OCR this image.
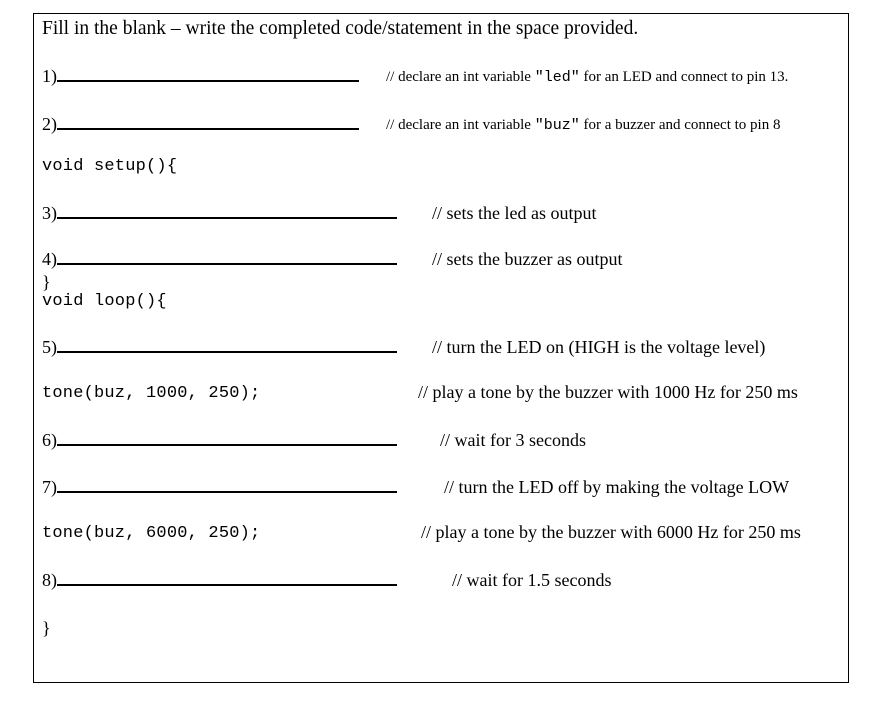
Fill in the blank – write the completed code/statement in the space provided.
1)	// declare an int variable "led" for an LED and connect to pin 13.
2)	// declare an int variable "buz" for a buzzer and connect to pin 8
void setup(){
3)	// sets the led as output
4)	// sets the buzzer as output
}
void loop(){
5)	// turn the LED on (HIGH is the voltage level)
tone(buz, 1000, 250);	// play a tone by the buzzer with 1000 Hz for 250 ms
6)	// wait for 3 seconds
7)	// turn the LED off by making the voltage LOW
tone(buz, 6000, 250);	// play a tone by the buzzer with 6000 Hz for 250 ms
8)	// wait for 1.5 seconds
}
